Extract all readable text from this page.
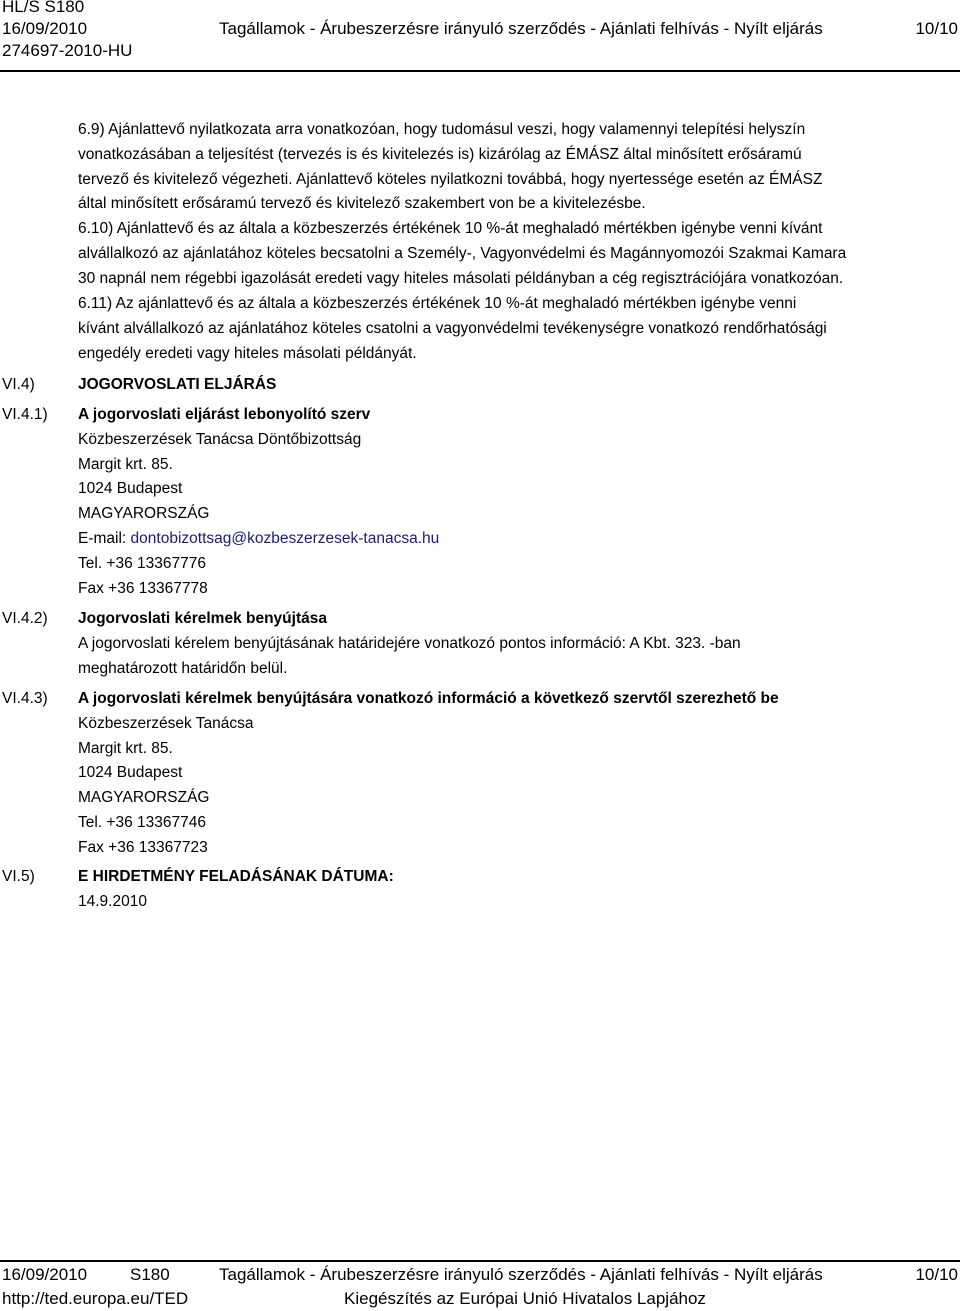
HL/S S180
16/09/2010	Tagállamok - Árubeszerzésre irányuló szerződés - Ajánlati felhívás - Nyílt eljárás	10/10
274697-2010-HU
6.9) Ajánlattevő nyilatkozata arra vonatkozóan, hogy tudomásul veszi, hogy valamennyi telepítési helyszín
vonatkozásában a teljesítést (tervezés is és kivitelezés is) kizárólag az ÉMÁSZ által minősített erősáramú
tervező és kivitelező végezheti. Ajánlattevő köteles nyilatkozni továbbá, hogy nyertessége esetén az ÉMÁSZ
által minősített erősáramú tervező és kivitelező szakembert von be a kivitelezésbe.
6.10) Ajánlattevő és az általa a közbeszerzés értékének 10 %-át meghaladó mértékben igénybe venni kívánt
alvállalkozó az ajánlatához köteles becsatolni a Személy-, Vagyonvédelmi és Magánnyomozói Szakmai Kamara
30 napnál nem régebbi igazolását eredeti vagy hiteles másolati példányban a cég regisztrációjára vonatkozóan.
6.11) Az ajánlattevő és az általa a közbeszerzés értékének 10 %-át meghaladó mértékben igénybe venni
kívánt alvállalkozó az ajánlatához köteles csatolni a vagyonvédelmi tevékenységre vonatkozó rendőrhatósági
engedély eredeti vagy hiteles másolati példányát.
VI.4)	JOGORVOSLATI ELJÁRÁS
VI.4.1) A jogorvoslati eljárást lebonyolító szerv
Közbeszerzések Tanácsa Döntőbizottság
Margit krt. 85.
1024 Budapest
MAGYARORSZÁG
E-mail: dontobizottsag@kozbeszerzesek-tanacsa.hu
Tel. +36 13367776
Fax +36 13367778
VI.4.2) Jogorvoslati kérelmek benyújtása
A jogorvoslati kérelem benyújtásának határidejére vonatkozó pontos információ: A Kbt. 323. -ban
meghatározott határidőn belül.
VI.4.3) A jogorvoslati kérelmek benyújtására vonatkozó információ a következő szervtől szerezhető be
Közbeszerzések Tanácsa
Margit krt. 85.
1024 Budapest
MAGYARORSZÁG
Tel. +36 13367746
Fax +36 13367723
VI.5)	E HIRDETMÉNY FELADÁSÁNAK DÁTUMA:
14.9.2010
16/09/2010	S180	Tagállamok - Árubeszerzésre irányuló szerződés - Ajánlati felhívás - Nyílt eljárás	10/10
http://ted.europa.eu/TED	Kiegészítés az Európai Unió Hivatalos Lapjához
